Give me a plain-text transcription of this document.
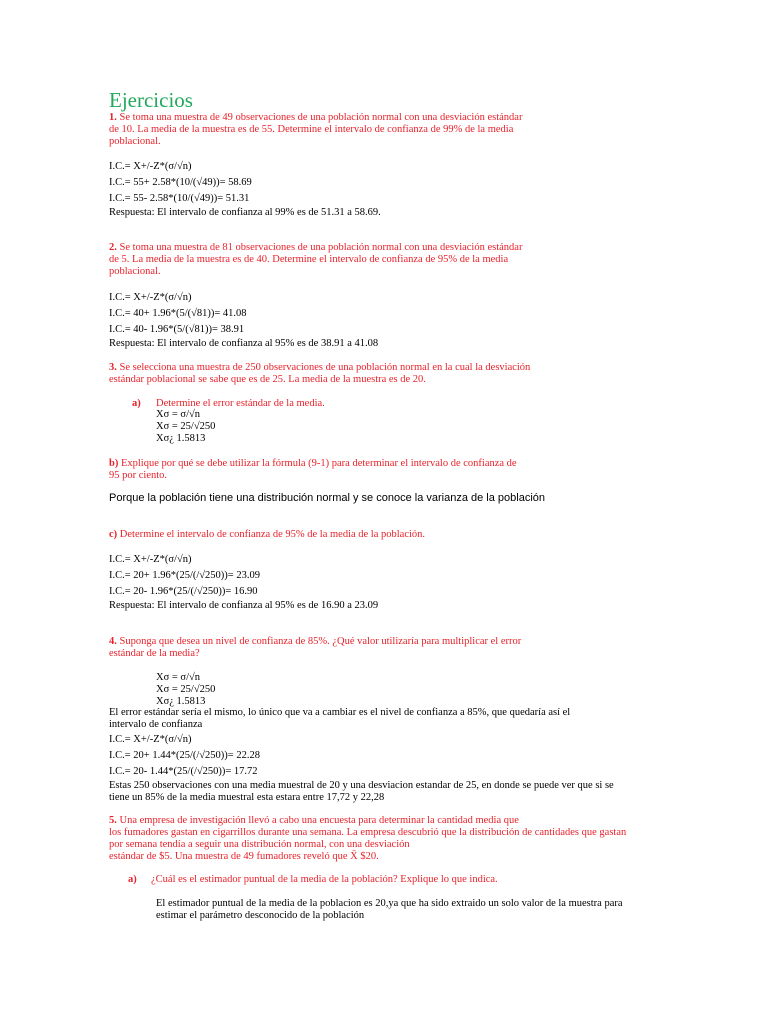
Ejercicios
1. Se toma una muestra de 49 observaciones de una población normal con una desviación estándar
de 10. La media de la muestra es de 55. Determine el intervalo de confianza de 99% de la media
poblacional.
I.C.= X+/-Z*(σ/√n)
I.C.= 55+ 2.58*(10/(√49))= 58.69
I.C.= 55- 2.58*(10/(√49))= 51.31
Respuesta: El intervalo de confianza al 99% es de 51.31 a 58.69.
2. Se toma una muestra de 81 observaciones de una población normal con una desviación estándar
de 5. La media de la muestra es de 40. Determine el intervalo de confianza de 95% de la media
poblacional.
I.C.= X+/-Z*(σ/√n)
I.C.= 40+ 1.96*(5/(√81))= 41.08
I.C.= 40- 1.96*(5/(√81))= 38.91
Respuesta: El intervalo de confianza al 95% es de 38.91 a 41.08
3. Se selecciona una muestra de 250 observaciones de una población normal en la cual la desviación
estándar poblacional se sabe que es de 25. La media de la muestra es de 20.
a) Determine el error estándar de la media.
Xσ = σ/√n
Xσ = 25/√250
Xσ¿ 1.5813
b) Explique por qué se debe utilizar la fórmula (9-1) para determinar el intervalo de confianza de
95 por ciento.
Porque la población tiene una distribución normal y se conoce la varianza de la población
c) Determine el intervalo de confianza de 95% de la media de la población.
I.C.= X+/-Z*(σ/√n)
I.C.= 20+ 1.96*(25/(/√250))= 23.09
I.C.= 20- 1.96*(25/(/√250))= 16.90
Respuesta: El intervalo de confianza al 95% es de 16.90 a 23.09
4. Suponga que desea un nivel de confianza de 85%. ¿Qué valor utilizaría para multiplicar el error
estándar de la media?
Xσ = σ/√n
Xσ = 25/√250
Xσ¿ 1.5813
El error estándar sería el mismo, lo único que va a cambiar es el nivel de confianza a 85%, que quedaría así el
intervalo de confianza
I.C.= X+/-Z*(σ/√n)
I.C.= 20+ 1.44*(25/(/√250))= 22.28
I.C.= 20- 1.44*(25/(/√250))= 17.72
Estas 250 observaciones con una media muestral de 20 y una desviacion estandar de 25, en donde se puede ver que si se
tiene un 85% de la media muestral esta estara entre 17,72 y 22,28
5. Una empresa de investigación llevó a cabo una encuesta para determinar la cantidad media que
los fumadores gastan en cigarrillos durante una semana. La empresa descubrió que la distribución de cantidades que gastan
por semana tendía a seguir una distribución normal, con una desviación
estándar de $5. Una muestra de 49 fumadores reveló que X̄ $20.
a) ¿Cuál es el estimador puntual de la media de la población? Explique lo que indica.
El estimador puntual de la media de la poblacion es 20,ya que ha sido extraido un solo valor de la muestra para
estimar el parámetro desconocido de la población
